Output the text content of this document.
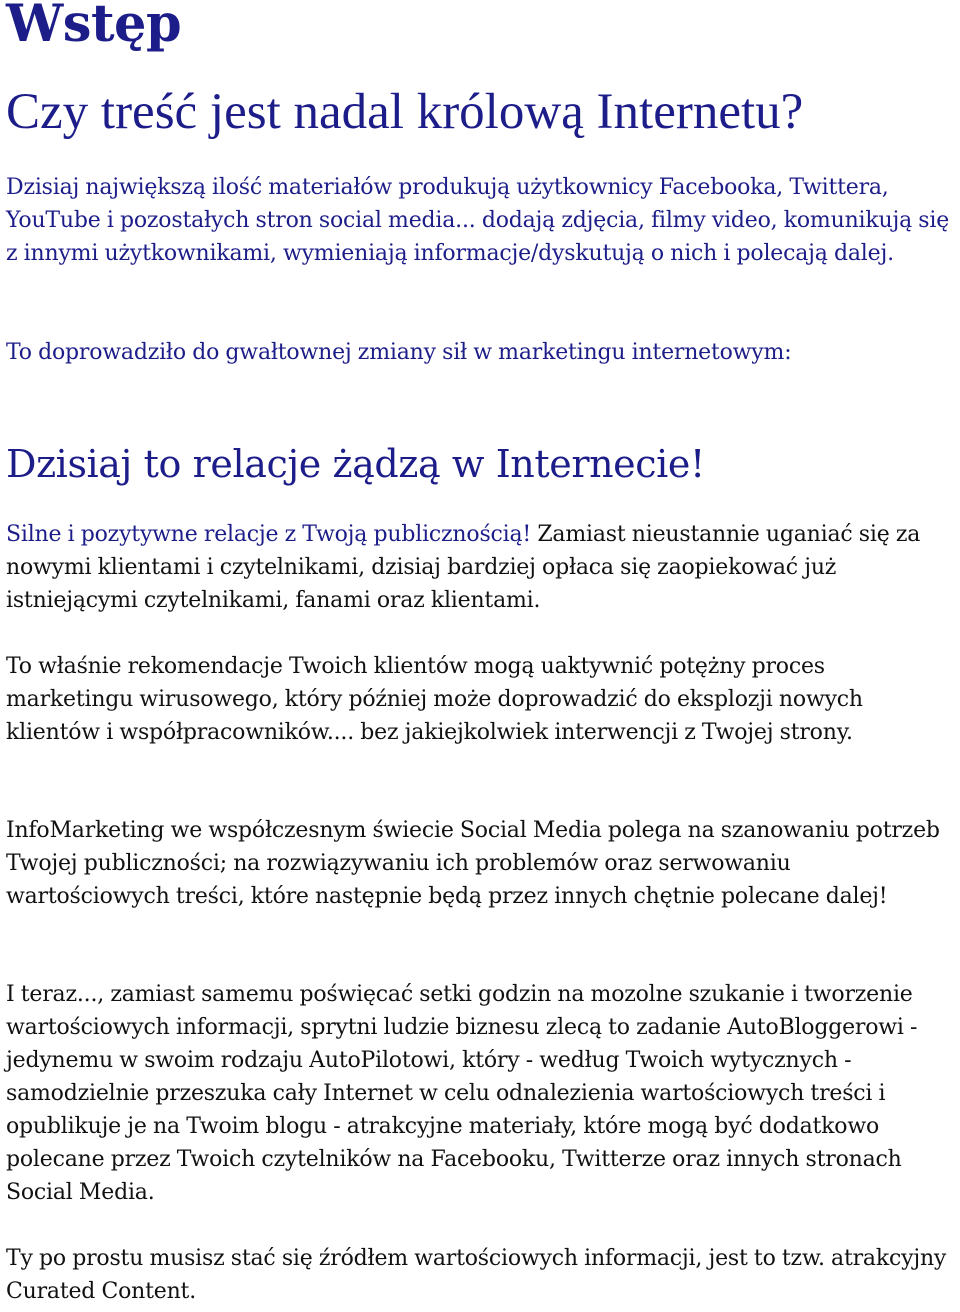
Wstęp
Czy treść jest nadal królową Internetu?

Dzisiaj największą ilość materiałów produkują użytkownicy Facebooka, Twittera, YouTube i pozostałych stron social media... dodają zdjęcia, filmy video, komunikują się z innymi użytkownikami, wymieniają informacje/dyskutują o nich i polecają dalej.

To doprowadziło do gwałtownej zmiany sił w marketingu internetowym:

Dzisiaj to relacje żądzą w Internecie!

Silne i pozytywne relacje z Twoją publicznością! Zamiast nieustannie uganiać się za nowymi klientami i czytelnikami, dzisiaj bardziej opłaca się zaopiekować już istniejącymi czytelnikami, fanami oraz klientami.

To właśnie rekomendacje Twoich klientów mogą uaktywnić potężny proces marketingu wirusowego, który później może doprowadzić do eksplozji nowych klientów i współpracowników.... bez jakiejkolwiek interwencji z Twojej strony.

InfoMarketing we współczesnym świecie Social Media polega na szanowaniu potrzeb Twojej publiczności; na rozwiązywaniu ich problemów oraz serwowaniu wartościowych treści, które następnie będą przez innych chętnie polecane dalej!

I teraz..., zamiast samemu poświęcać setki godzin na mozolne szukanie i tworzenie wartościowych informacji, sprytni ludzie biznesu zlecą to zadanie AutoBloggerowi - jedynemu w swoim rodzaju AutoPilotowi, który - według Twoich wytycznych - samodzielnie przeszuka cały Internet w celu odnalezienia wartościowych treści i opublikuje je na Twoim blogu - atrakcyjne materiały, które mogą być dodatkowo polecane przez Twoich czytelników na Facebooku, Twitterze oraz innych stronach Social Media.

Ty po prostu musisz stać się źródłem wartościowych informacji, jest to tzw. atrakcyjny Curated Content.
